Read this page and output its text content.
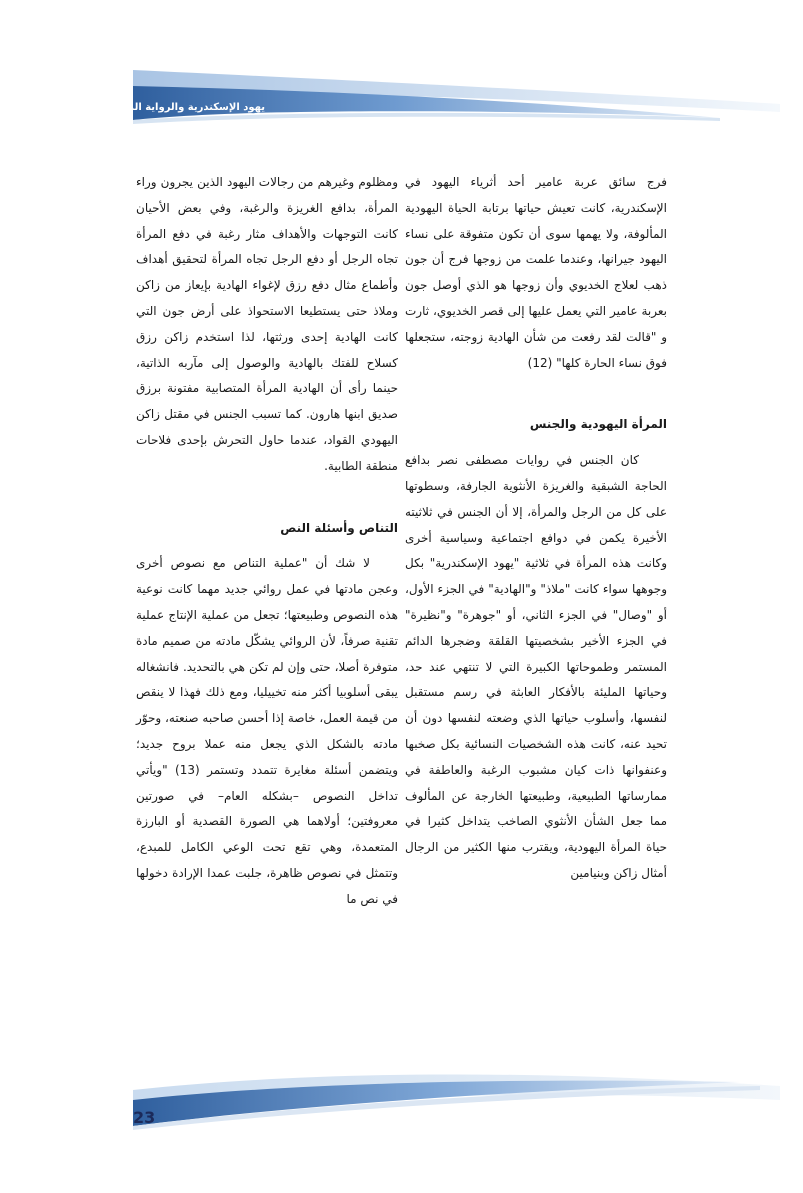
يهود الإسكندرية والرواية المصرية

فرج سائق عربة عامير أحد أثرياء اليهود في الإسكندرية، كانت تعيش حياتها برتابة الحياة اليهودية المألوفة، ولا يهمها سوى أن تكون متفوقة على نساء اليهود جيرانها، وعندما علمت من زوجها فرج أن جون ذهب لعلاج الخديوي وأن زوجها هو الذي أوصل جون بعربة عامير التي يعمل عليها إلى قصر الخديوي، ثارت و "قالت لقد رفعت من شأن الهادية زوجته، ستجعلها فوق نساء الحارة كلها" (12)

المرأة اليهودية والجنس

كان الجنس في روايات مصطفى نصر بدافع الحاجة الشبقية والغريزة الأنثوية الجارفة، وسطوتها على كل من الرجل والمرأة، إلا أن الجنس في ثلاثيته الأخيرة يكمن في دوافع اجتماعية وسياسية أخرى وكانت هذه المرأة في ثلاثية "يهود الإسكندرية" بكل وجوهها سواء كانت "ملاذ" و"الهادية" في الجزء الأول، أو "وصال" في الجزء الثاني، أو "جوهرة" و"نظيرة" في الجزء الأخير بشخصيتها القلقة وضجرها الدائم المستمر وطموحاتها الكبيرة التي لا تنتهي عند حد، وحياتها المليئة بالأفكار العابثة في رسم مستقبل لنفسها، وأسلوب حياتها الذي وضعته لنفسها دون أن تحيد عنه، كانت هذه الشخصيات النسائية بكل صخبها وعنفوانها ذات كيان مشبوب الرغبة والعاطفة في ممارساتها الطبيعية، وطبيعتها الخارجة عن المألوف مما جعل الشأن الأنثوي الصاخب يتداخل كثيرا في حياة المرأة اليهودية، ويقترب منها الكثير من الرجال أمثال زاكن وبنيامين

ومظلوم وغيرهم من رجالات اليهود الذين يجرون وراء المرأة، بدافع الغريزة والرغبة، وفي بعض الأحيان كانت التوجهات والأهداف مثار رغبة في دفع المرأة تجاه الرجل أو دفع الرجل تجاه المرأة لتحقيق أهداف وأطماع مثال دفع رزق لإغواء الهادية بإيعاز من زاكن وملاذ حتى يستطيعا الاستحواذ على أرض جون التي كانت الهادية إحدى ورثتها، لذا استخدم زاكن رزق كسلاح للفتك بالهادية والوصول إلى مآربه الذاتية، حينما رأى أن الهادية المرأة المتصابية مفتونة برزق صديق ابنها هارون. كما تسبب الجنس في مقتل زاكن اليهودي القواد، عندما حاول التحرش بإحدى فلاحات منطقة الطابية.

التناص وأسئلة النص

لا شك أن "عملية التناص مع نصوص أخرى وعجن مادتها في عمل روائي جديد مهما كانت نوعية هذه النصوص وطبيعتها؛ تجعل من عملية الإنتاج عملية تقنية صرفاً، لأن الروائي يشكّل مادته من صميم مادة متوفرة أصلا، حتى وإن لم تكن هي بالتحديد. فانشغاله يبقى أسلوبيا أكثر منه تخييليا، ومع ذلك فهذا لا ينقص من قيمة العمل، خاصة إذا أحسن صاحبه صنعته، وحوّر مادته بالشكل الذي يجعل منه عملا بروح جديد؛ ويتضمن أسئلة مغايرة تتمدد وتستمر (13) "ويأتي تداخل النصوص –بشكله العام– في صورتين معروفتين؛ أولاهما هي الصورة القصدية أو البارزة المتعمدة، وهي تقع تحت الوعي الكامل للمبدع، وتتمثل في نصوص ظاهرة، جلبت عمدا الإرادة دخولها في نص ما

23
